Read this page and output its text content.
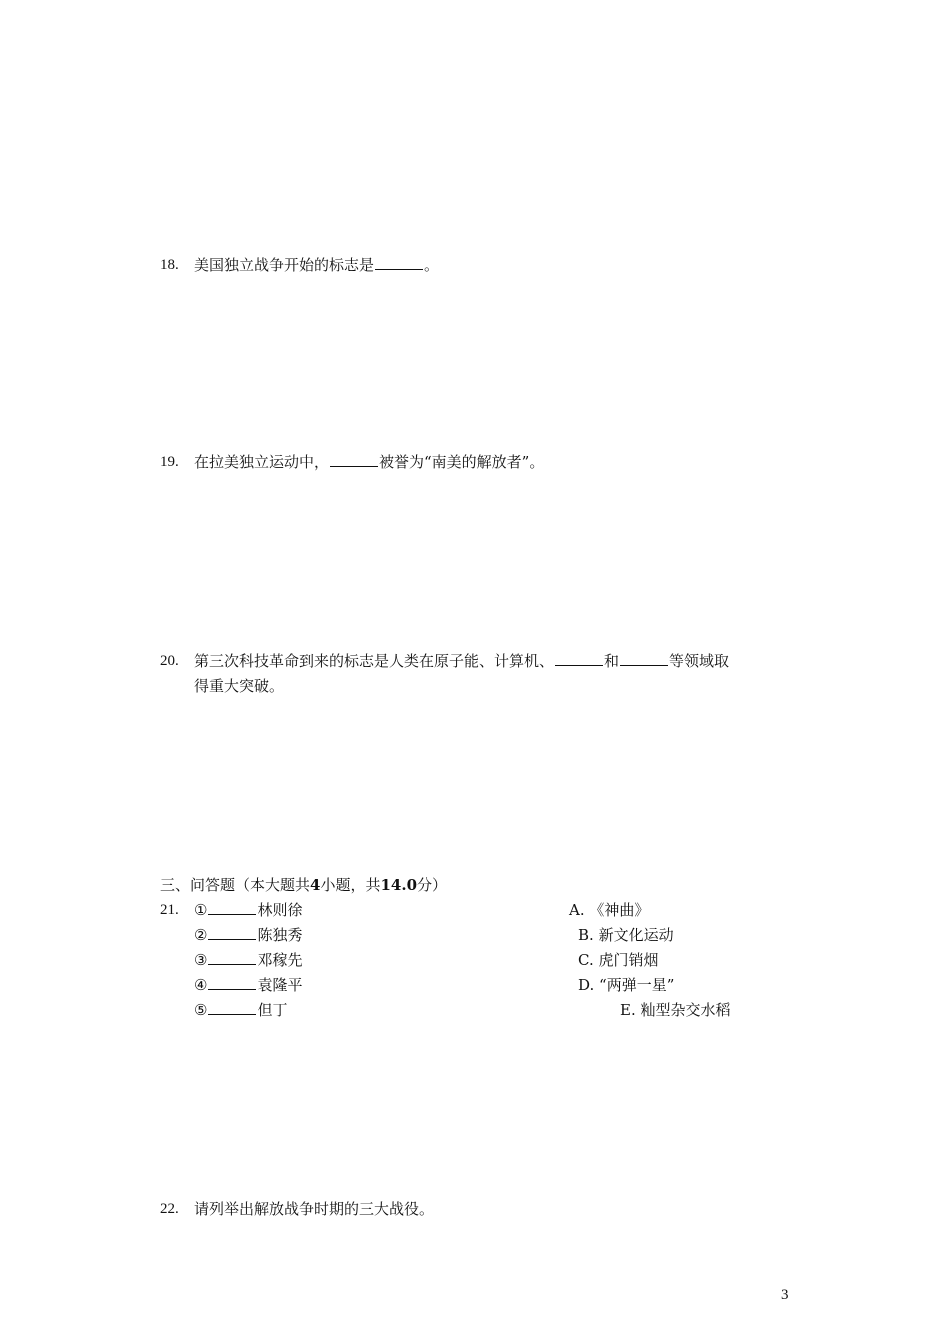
18. 美国独立战争开始的标志是	。
19. 在拉美独立运动中，	被誉为“南美的解放者”。
20. 第三次科技革命到来的标志是人类在原子能、计算机、	和	等领域取
得重大突破。
三、问答题（本大题共4小题，共14.0分）
21. ①	林则徐
②	陈独秀
③	邓稼先
④	袁隆平
⑤	但丁
A. 《神曲》
B. 新文化运动
C. 虎门销烟
D. “两弹一星”
E. 籼型杂交水稻
22. 请列举出解放战争时期的三大战役。
3
